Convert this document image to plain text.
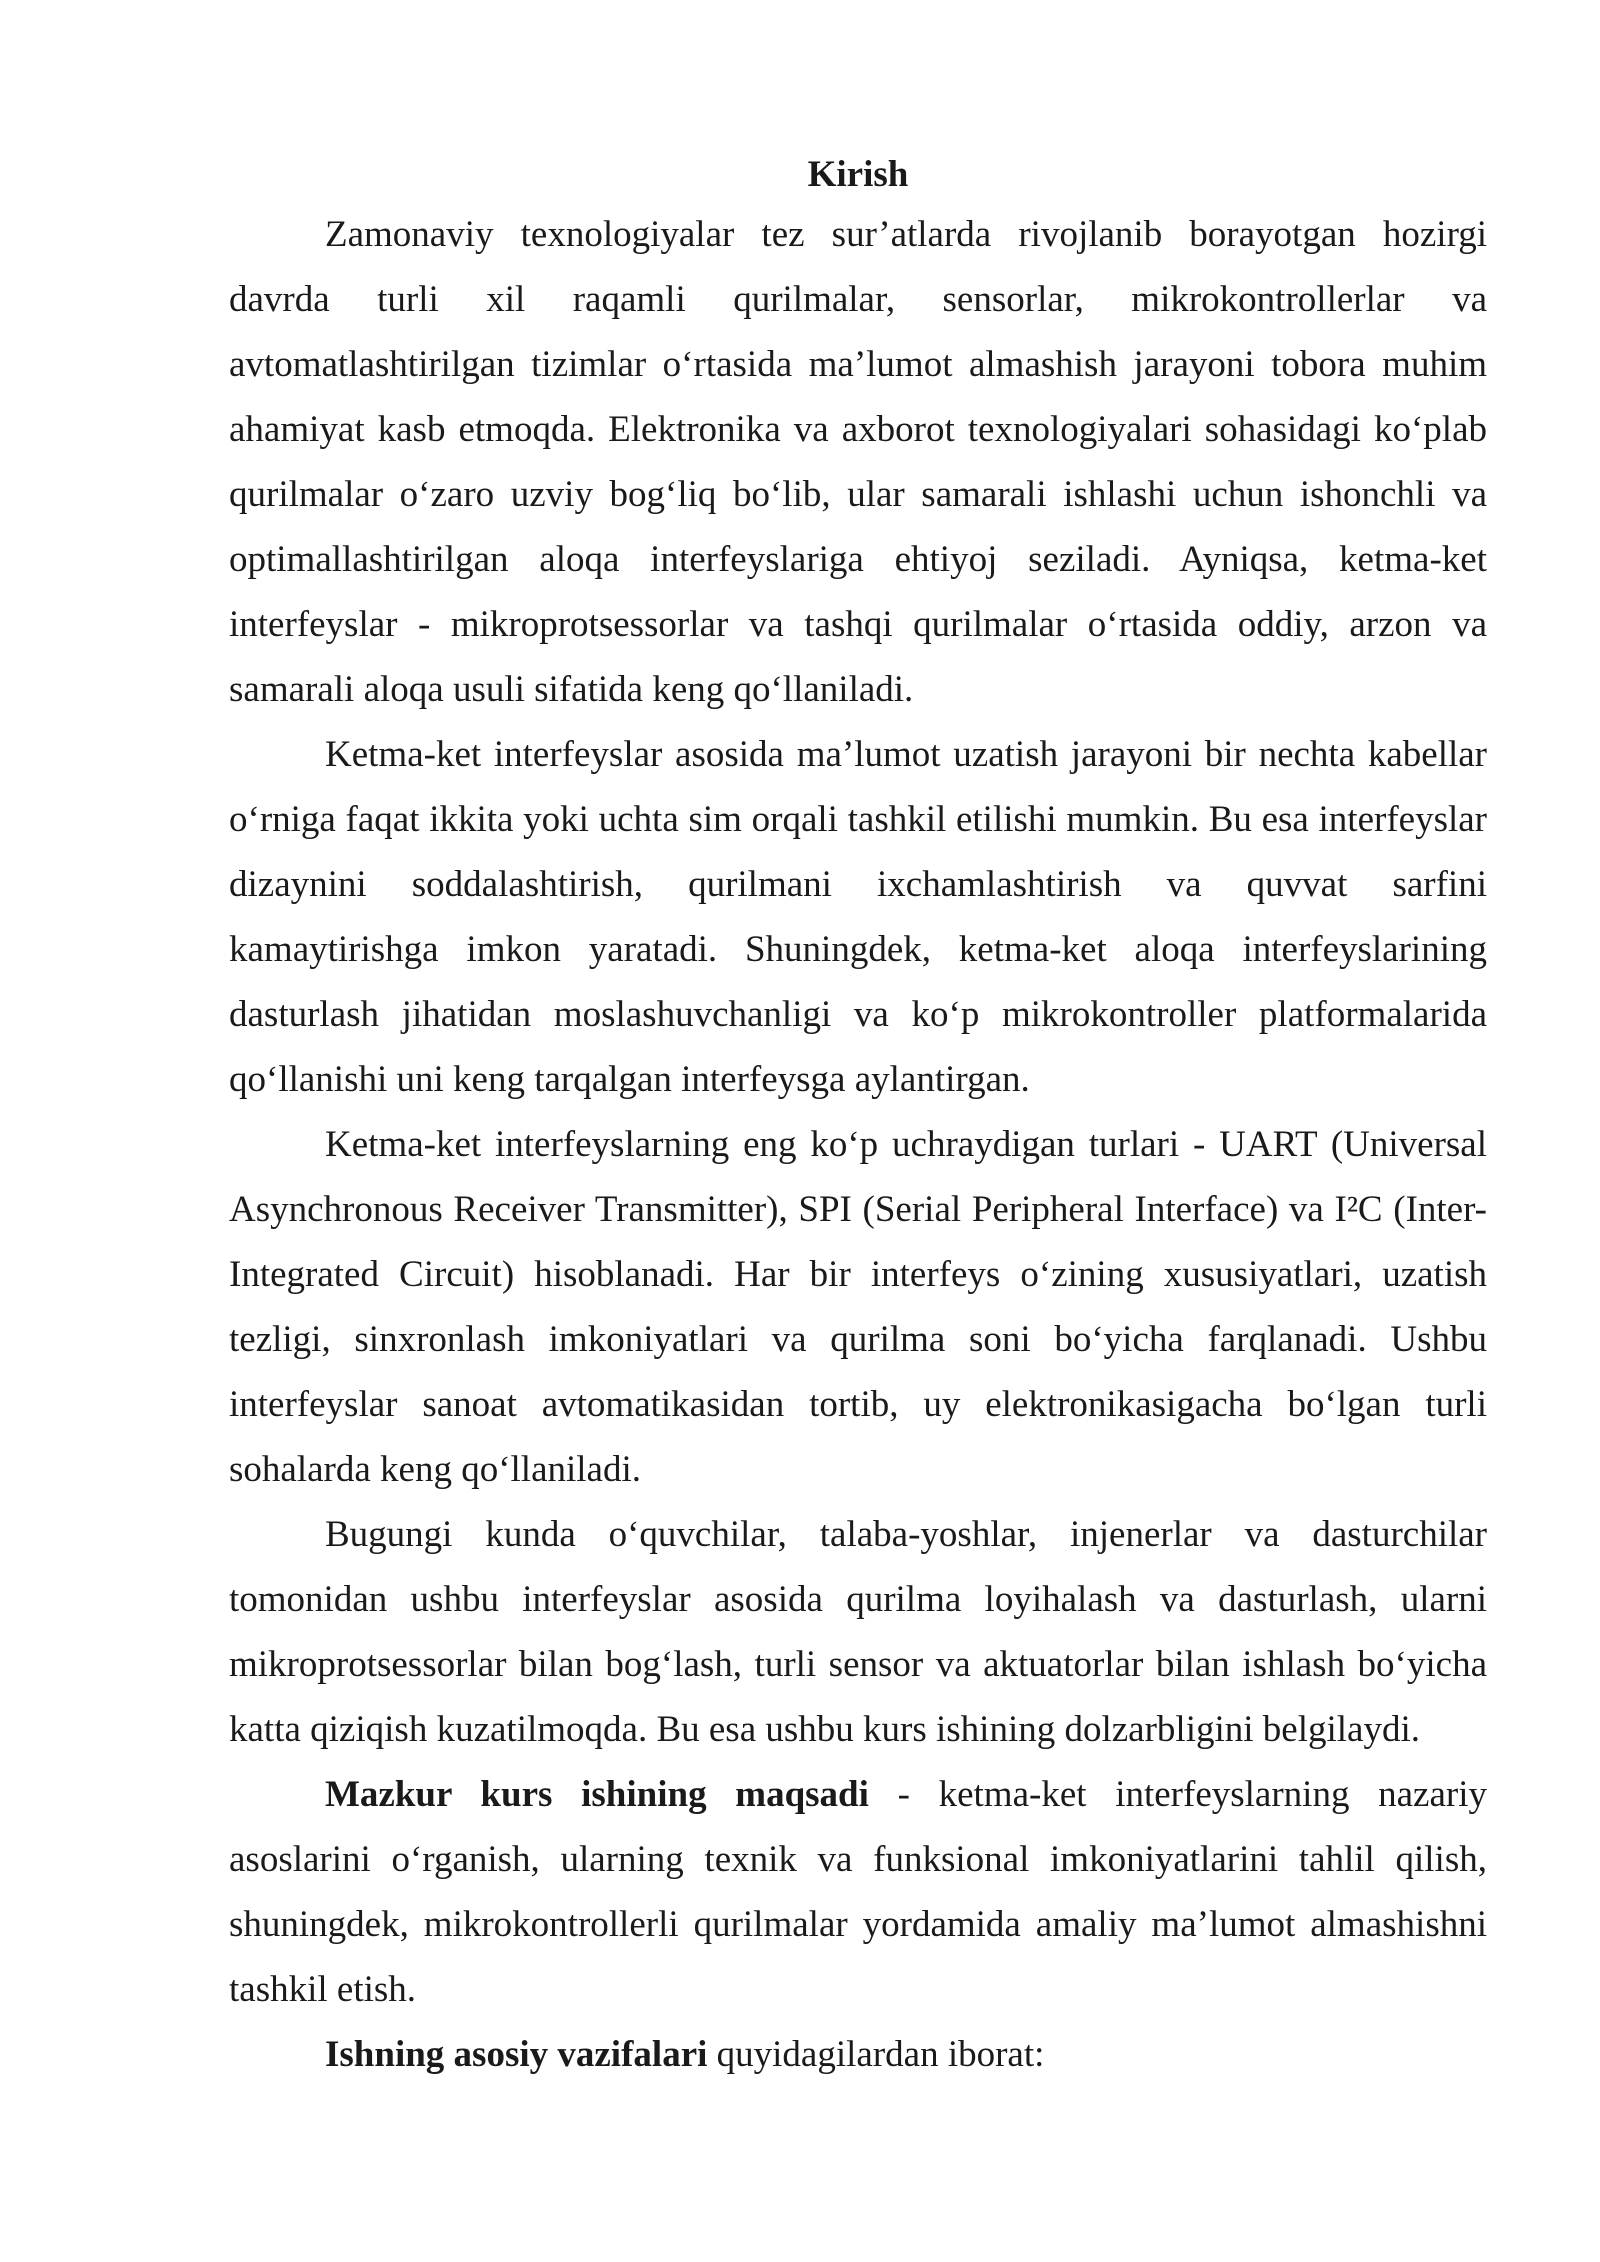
Kirish

Zamonaviy texnologiyalar tez sur’atlarda rivojlanib borayotgan hozirgi davrda turli xil raqamli qurilmalar, sensorlar, mikrokontrollerlar va avtomatlashtirilgan tizimlar o‘rtasida ma’lumot almashish jarayoni tobora muhim ahamiyat kasb etmoqda. Elektronika va axborot texnologiyalari sohasidagi ko‘plab qurilmalar o‘zaro uzviy bog‘liq bo‘lib, ular samarali ishlashi uchun ishonchli va optimallashtirilgan aloqa interfeyslariga ehtiyoj seziladi. Ayniqsa, ketma-ket interfeyslar - mikroprotsessorlar va tashqi qurilmalar o‘rtasida oddiy, arzon va samarali aloqa usuli sifatida keng qo‘llaniladi.

Ketma-ket interfeyslar asosida ma’lumot uzatish jarayoni bir nechta kabellar o‘rniga faqat ikkita yoki uchta sim orqali tashkil etilishi mumkin. Bu esa interfeyslar dizaynini soddalashtirish, qurilmani ixchamlashtirish va quvvat sarfini kamaytirishga imkon yaratadi. Shuningdek, ketma-ket aloqa interfeyslarining dasturlash jihatidan moslashuvchanligi va ko‘p mikrokontroller platformalarida qo‘llanishi uni keng tarqalgan interfeysga aylantirgan.

Ketma-ket interfeyslarning eng ko‘p uchraydigan turlari - UART (Universal Asynchronous Receiver Transmitter), SPI (Serial Peripheral Interface) va I²C (Inter-Integrated Circuit) hisoblanadi. Har bir interfeys o‘zining xususiyatlari, uzatish tezligi, sinxronlash imkoniyatlari va qurilma soni bo‘yicha farqlanadi. Ushbu interfeyslar sanoat avtomatikasidan tortib, uy elektronikasigacha bo‘lgan turli sohalarda keng qo‘llaniladi.

Bugungi kunda o‘quvchilar, talaba-yoshlar, injenerlar va dasturchilar tomonidan ushbu interfeyslar asosida qurilma loyihalash va dasturlash, ularni mikroprotsessorlar bilan bog‘lash, turli sensor va aktuatorlar bilan ishlash bo‘yicha katta qiziqish kuzatilmoqda. Bu esa ushbu kurs ishining dolzarbligini belgilaydi.

Mazkur kurs ishining maqsadi - ketma-ket interfeyslarning nazariy asoslarini o‘rganish, ularning texnik va funksional imkoniyatlarini tahlil qilish, shuningdek, mikrokontrollerli qurilmalar yordamida amaliy ma’lumot almashishni tashkil etish.

Ishning asosiy vazifalari quyidagilardan iborat:
